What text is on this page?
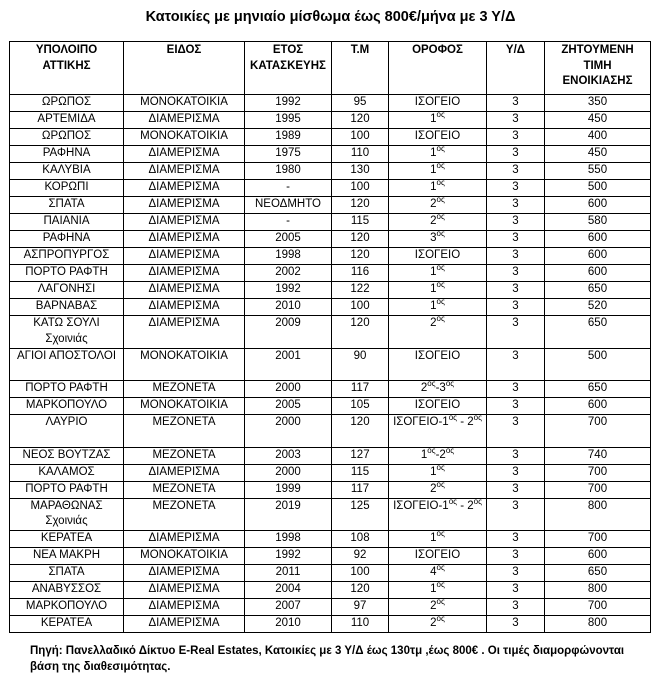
Κατοικίες με μηνιαίο μίσθωμα έως 800€/μήνα με 3 Υ/Δ
ΥΠΟΛΟΙΠΟ ΑΤΤΙΚΗΣ	ΕΙΔΟΣ	ΕΤΟΣ ΚΑΤΑΣΚΕΥΗΣ	Τ.Μ	ΟΡΟΦΟΣ	Υ/Δ	ΖΗΤΟΥΜΕΝΗ ΤΙΜΗ ΕΝΟΙΚΙΑΣΗΣ
ΩΡΩΠΟΣ	ΜΟΝΟΚΑΤΟΙΚΙΑ	1992	95	ΙΣΟΓΕΙΟ	3	350
ΑΡΤΕΜΙΔΑ	ΔΙΑΜΕΡΙΣΜΑ	1995	120	$1^{o\varsigma}$	3	450
ΩΡΩΠΟΣ	ΜΟΝΟΚΑΤΟΙΚΙΑ	1989	100	ΙΣΟΓΕΙΟ	3	400
ΡΑΦΗΝΑ	ΔΙΑΜΕΡΙΣΜΑ	1975	110	$1^{o\varsigma}$	3	450
ΚΑΛΥΒΙΑ	ΔΙΑΜΕΡΙΣΜΑ	1980	130	$1^{o\varsigma}$	3	550
ΚΟΡΩΠΙ	ΔΙΑΜΕΡΙΣΜΑ	-	100	$1^{o\varsigma}$	3	500
ΣΠΑΤΑ	ΔΙΑΜΕΡΙΣΜΑ	ΝΕΟΔΜΗΤΟ	120	$2^{o\varsigma}$	3	600
ΠΑΙΑΝΙΑ	ΔΙΑΜΕΡΙΣΜΑ	-	115	$2^{o\varsigma}$	3	580
ΡΑΦΗΝΑ	ΔΙΑΜΕΡΙΣΜΑ	2005	120	$3^{o\varsigma}$	3	600
ΑΣΠΡΟΠΥΡΓΟΣ	ΔΙΑΜΕΡΙΣΜΑ	1998	120	ΙΣΟΓΕΙΟ	3	600
ΠΟΡΤΟ ΡΑΦΤΗ	ΔΙΑΜΕΡΙΣΜΑ	2002	116	$1^{o\varsigma}$	3	600
ΛΑΓΟΝΗΣΙ	ΔΙΑΜΕΡΙΣΜΑ	1992	122	$1^{o\varsigma}$	3	650
ΒΑΡΝΑΒΑΣ	ΔΙΑΜΕΡΙΣΜΑ	2010	100	$1^{o\varsigma}$	3	520
ΚΑΤΩ ΣΟΥΛΙ Σχοινιάς	ΔΙΑΜΕΡΙΣΜΑ	2009	120	$2^{o\varsigma}$	3	650
ΑΓΙΟΙ ΑΠΟΣΤΟΛΟΙ	ΜΟΝΟΚΑΤΟΙΚΙΑ	2001	90	ΙΣΟΓΕΙΟ	3	500
ΠΟΡΤΟ ΡΑΦΤΗ	ΜΕΖΟΝΕΤΑ	2000	117	$2^{o\varsigma}-3^{o\varsigma}$	3	650
ΜΑΡΚΟΠΟΥΛΟ	ΜΟΝΟΚΑΤΟΙΚΙΑ	2005	105	ΙΣΟΓΕΙΟ	3	600
ΛΑΥΡΙΟ	ΜΕΖΟΝΕΤΑ	2000	120	ΙΣΟΓΕΙΟ-$1^{o\varsigma} - 2^{o\varsigma}$	3	700
ΝΕΟΣ ΒΟΥΤΖΑΣ	ΜΕΖΟΝΕΤΑ	2003	127	$1^{o\varsigma}-2^{o\varsigma}$	3	740
ΚΑΛΑΜΟΣ	ΔΙΑΜΕΡΙΣΜΑ	2000	115	$1^{o\varsigma}$	3	700
ΠΟΡΤΟ ΡΑΦΤΗ	ΜΕΖΟΝΕΤΑ	1999	117	$2^{o\varsigma}$	3	700
ΜΑΡΑΘΩΝΑΣ Σχοινιάς	ΜΕΖΟΝΕΤΑ	2019	125	ΙΣΟΓΕΙΟ-$1^{o\varsigma} - 2^{o\varsigma}$	3	800
ΚΕΡΑΤΕΑ	ΔΙΑΜΕΡΙΣΜΑ	1998	108	$1^{o\varsigma}$	3	700
ΝΕΑ ΜΑΚΡΗ	ΜΟΝΟΚΑΤΟΙΚΙΑ	1992	92	ΙΣΟΓΕΙΟ	3	600
ΣΠΑΤΑ	ΔΙΑΜΕΡΙΣΜΑ	2011	100	$4^{o\varsigma}$	3	650
ΑΝΑΒΥΣΣΟΣ	ΔΙΑΜΕΡΙΣΜΑ	2004	120	$1^{o\varsigma}$	3	800
ΜΑΡΚΟΠΟΥΛΟ	ΔΙΑΜΕΡΙΣΜΑ	2007	97	$2^{o\varsigma}$	3	700
ΚΕΡΑΤΕΑ	ΔΙΑΜΕΡΙΣΜΑ	2010	110	$2^{o\varsigma}$	3	800
Πηγή: Πανελλαδικό Δίκτυο E-Real Estates, Κατοικίες με 3 Υ/Δ έως 130τμ ,έως 800€ . Οι τιμές διαμορφώνονται βάση της διαθεσιμότητας.
